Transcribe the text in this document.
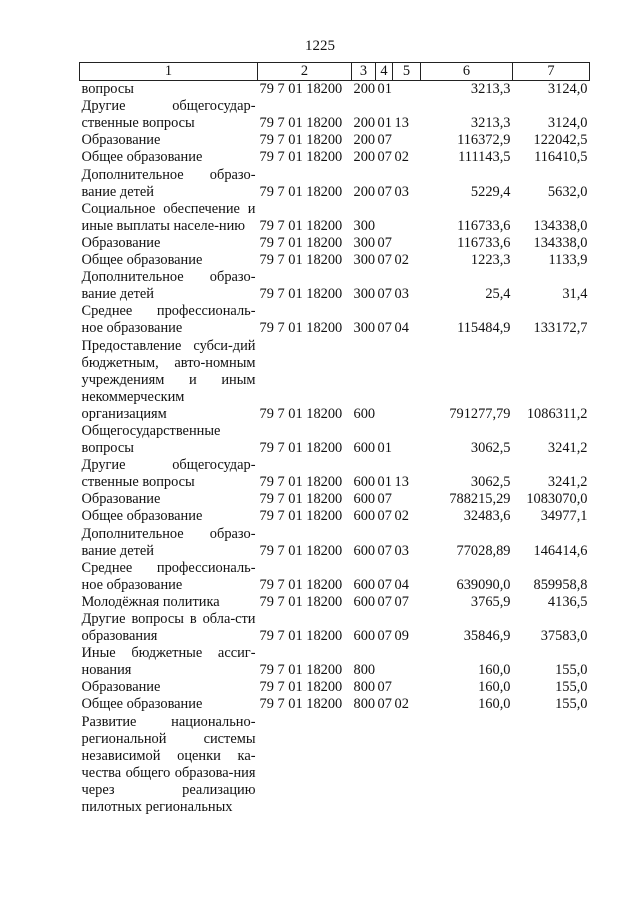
1225
1	2	3	4	5	6	7
вопросы	79 7 01 18200	200	01		3213,3	3124,0
Другие общегосудар-ственные вопросы	79 7 01 18200	200	01	13	3213,3	3124,0
Образование	79 7 01 18200	200	07		116372,9	122042,5
Общее образование	79 7 01 18200	200	07	02	111143,5	116410,5
Дополнительное образо-вание детей	79 7 01 18200	200	07	03	5229,4	5632,0
Социальное обеспечение и иные выплаты населе-нию	79 7 01 18200	300			116733,6	134338,0
Образование	79 7 01 18200	300	07		116733,6	134338,0
Общее образование	79 7 01 18200	300	07	02	1223,3	1133,9
Дополнительное образо-вание детей	79 7 01 18200	300	07	03	25,4	31,4
Среднее профессиональ-ное образование	79 7 01 18200	300	07	04	115484,9	133172,7
Предоставление субси-дий бюджетным, авто-номным учреждениям и иным некоммерческим организациям	79 7 01 18200	600			791277,79	1086311,2
Общегосударственные вопросы	79 7 01 18200	600	01		3062,5	3241,2
Другие общегосудар-ственные вопросы	79 7 01 18200	600	01	13	3062,5	3241,2
Образование	79 7 01 18200	600	07		788215,29	1083070,0
Общее образование	79 7 01 18200	600	07	02	32483,6	34977,1
Дополнительное образо-вание детей	79 7 01 18200	600	07	03	77028,89	146414,6
Среднее профессиональ-ное образование	79 7 01 18200	600	07	04	639090,0	859958,8
Молодёжная политика	79 7 01 18200	600	07	07	3765,9	4136,5
Другие вопросы в обла-сти образования	79 7 01 18200	600	07	09	35846,9	37583,0
Иные бюджетные ассиг-нования	79 7 01 18200	800			160,0	155,0
Образование	79 7 01 18200	800	07		160,0	155,0
Общее образование	79 7 01 18200	800	07	02	160,0	155,0
Развитие национально-региональной системы независимой оценки ка-чества общего образова-ния через реализацию пилотных региональных						
